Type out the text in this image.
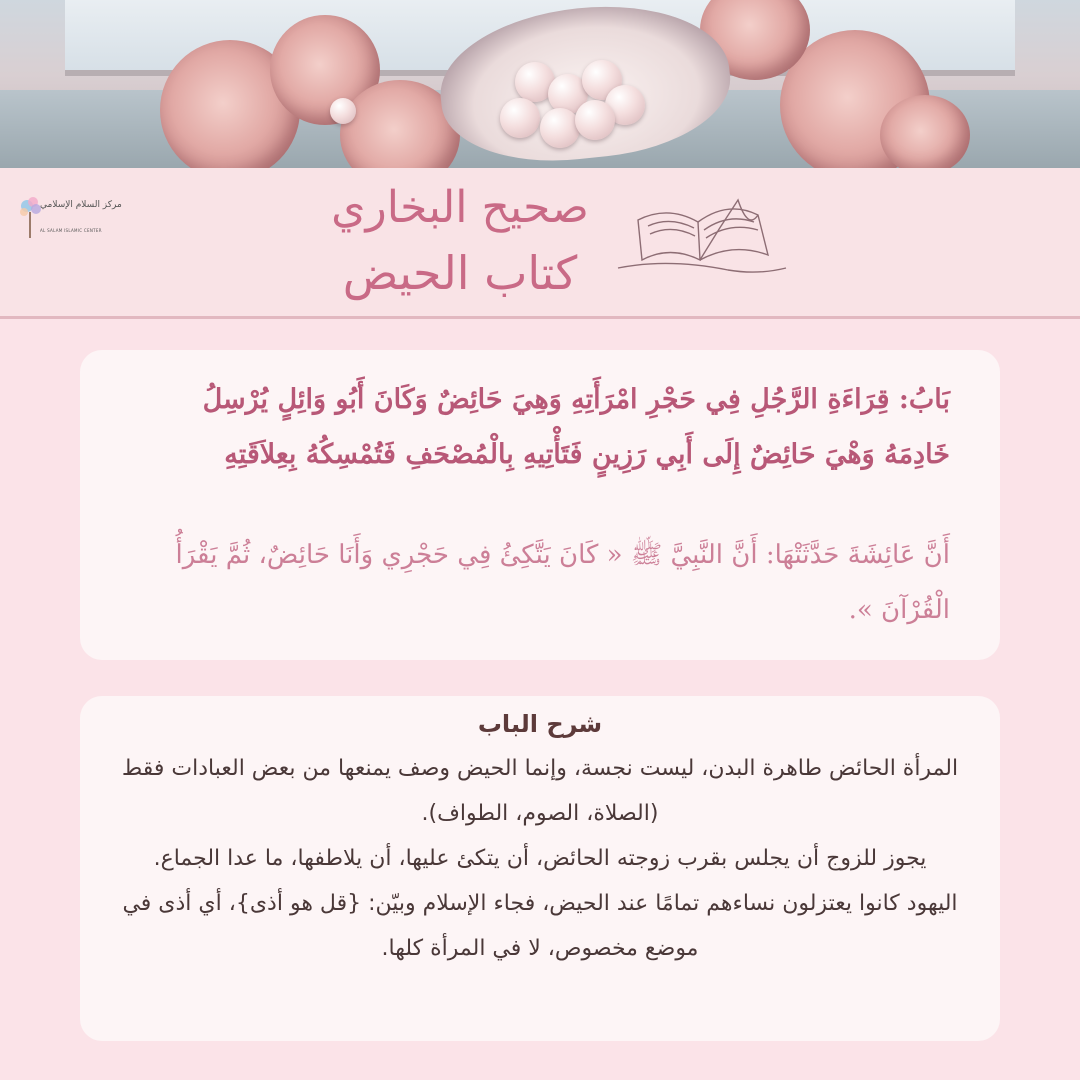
مركز السلام الإسلامي
AL SALAM ISLAMIC CENTER	صحيح البخاري
كتاب الحيض
بَابُ: قِرَاءَةِ الرَّجُلِ فِي حَجْرِ امْرَأَتِهِ وَهِيَ حَائِضٌ وَكَانَ أَبُو وَائِلٍ يُرْسِلُ خَادِمَهُ وَهْيَ حَائِضٌ إِلَى أَبِي رَزِينٍ فَتَأْتِيهِ بِالْمُصْحَفِ فَتُمْسِكُهُ بِعِلاَقَتِهِ
أَنَّ عَائِشَةَ حَدَّثَتْهَا: أَنَّ النَّبِيَّ ﷺ « كَانَ يَتَّكِئُ فِي حَجْرِي وَأَنَا حَائِضٌ، ثُمَّ يَقْرَأُ الْقُرْآنَ ».
شرح الباب

المرأة الحائض طاهرة البدن، ليست نجسة، وإنما الحيض وصف يمنعها من بعض العبادات فقط (الصلاة، الصوم، الطواف).

يجوز للزوج أن يجلس بقرب زوجته الحائض، أن يتكئ عليها، أن يلاطفها، ما عدا الجماع.

اليهود كانوا يعتزلون نساءهم تمامًا عند الحيض، فجاء الإسلام وبيّن: {قل هو أذى}، أي أذى في موضع مخصوص، لا في المرأة كلها.
